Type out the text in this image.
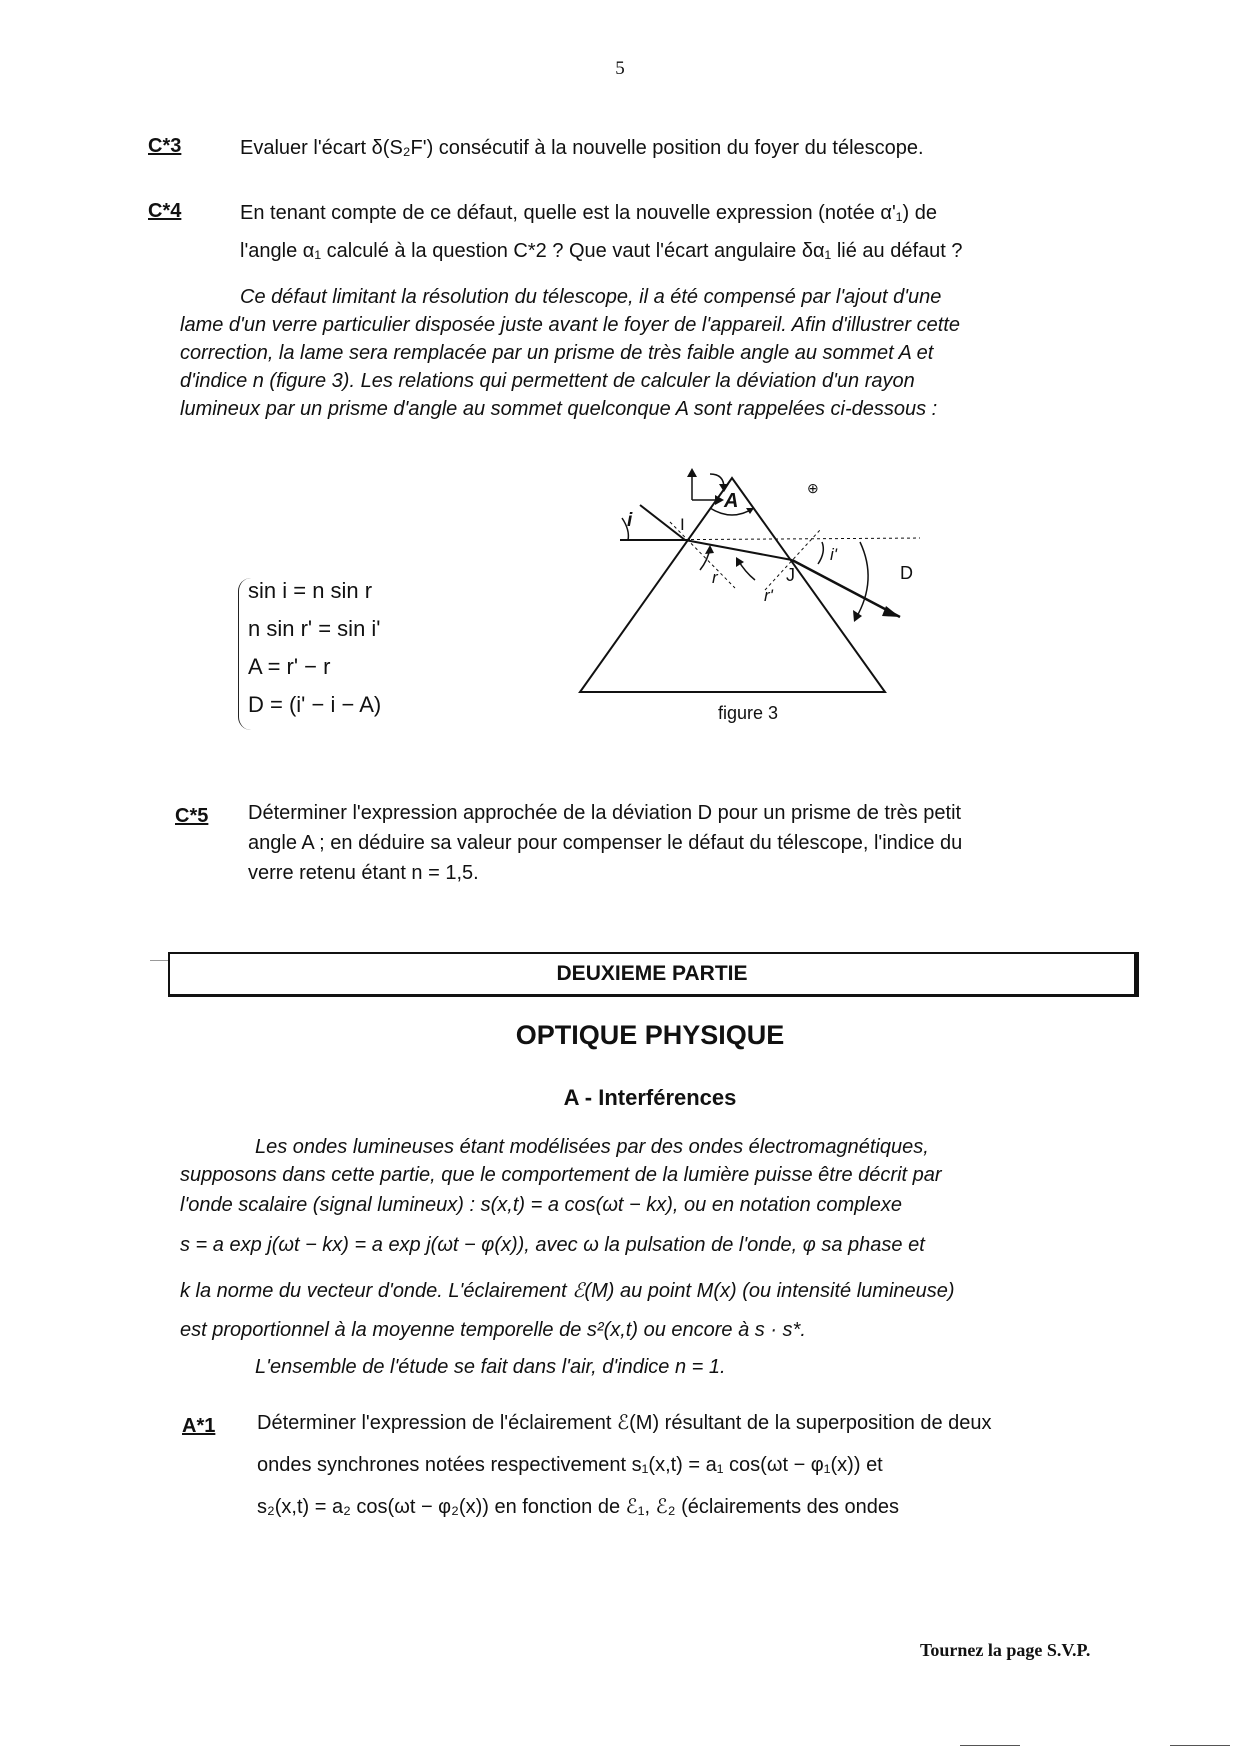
5
C*3	Evaluer l'écart δ(S₂F') consécutif à la nouvelle position du foyer du télescope.
C*4	En tenant compte de ce défaut, quelle est la nouvelle expression (notée α'₁) de
l'angle α₁ calculé à la question C*2 ? Que vaut l'écart angulaire δα₁ lié au défaut ?
Ce défaut limitant la résolution du télescope, il a été compensé par l'ajout d'une
lame d'un verre particulier disposée juste avant le foyer de l'appareil. Afin d'illustrer cette
correction, la lame sera remplacée par un prisme de très faible angle au sommet A et
d'indice n (figure 3). Les relations qui permettent de calculer la déviation d'un rayon
lumineux par un prisme d'angle au sommet quelconque A sont rappelées ci-dessous :
sin i = n sin r
n sin r' = sin i'
A = r' − r
D = (i' − i − A)
A
I
i
J
r
r'
i'
D
⊕
figure 3
C*5 Déterminer l'expression approchée de la déviation D pour un prisme de très petit
angle A ; en déduire sa valeur pour compenser le défaut du télescope, l'indice du
verre retenu étant n = 1,5.
DEUXIEME PARTIE
OPTIQUE PHYSIQUE
A - Interférences
Les ondes lumineuses étant modélisées par des ondes électromagnétiques,
supposons dans cette partie, que le comportement de la lumière puisse être décrit par
l'onde scalaire (signal lumineux) : s(x,t) = a cos(ωt − kx), ou en notation complexe
s = a exp j(ωt − kx) = a exp j(ωt − φ(x)), avec ω la pulsation de l'onde, φ sa phase et
k la norme du vecteur d'onde. L'éclairement ℰ(M) au point M(x) (ou intensité lumineuse)
est proportionnel à la moyenne temporelle de s²(x,t) ou encore à s · s*.
L'ensemble de l'étude se fait dans l'air, d'indice n = 1.
A*1 Déterminer l'expression de l'éclairement ℰ(M) résultant de la superposition de deux
ondes synchrones notées respectivement s₁(x,t) = a₁ cos(ωt − φ₁(x)) et
s₂(x,t) = a₂ cos(ωt − φ₂(x)) en fonction de ℰ₁, ℰ₂ (éclairements des ondes
Tournez la page S.V.P.
